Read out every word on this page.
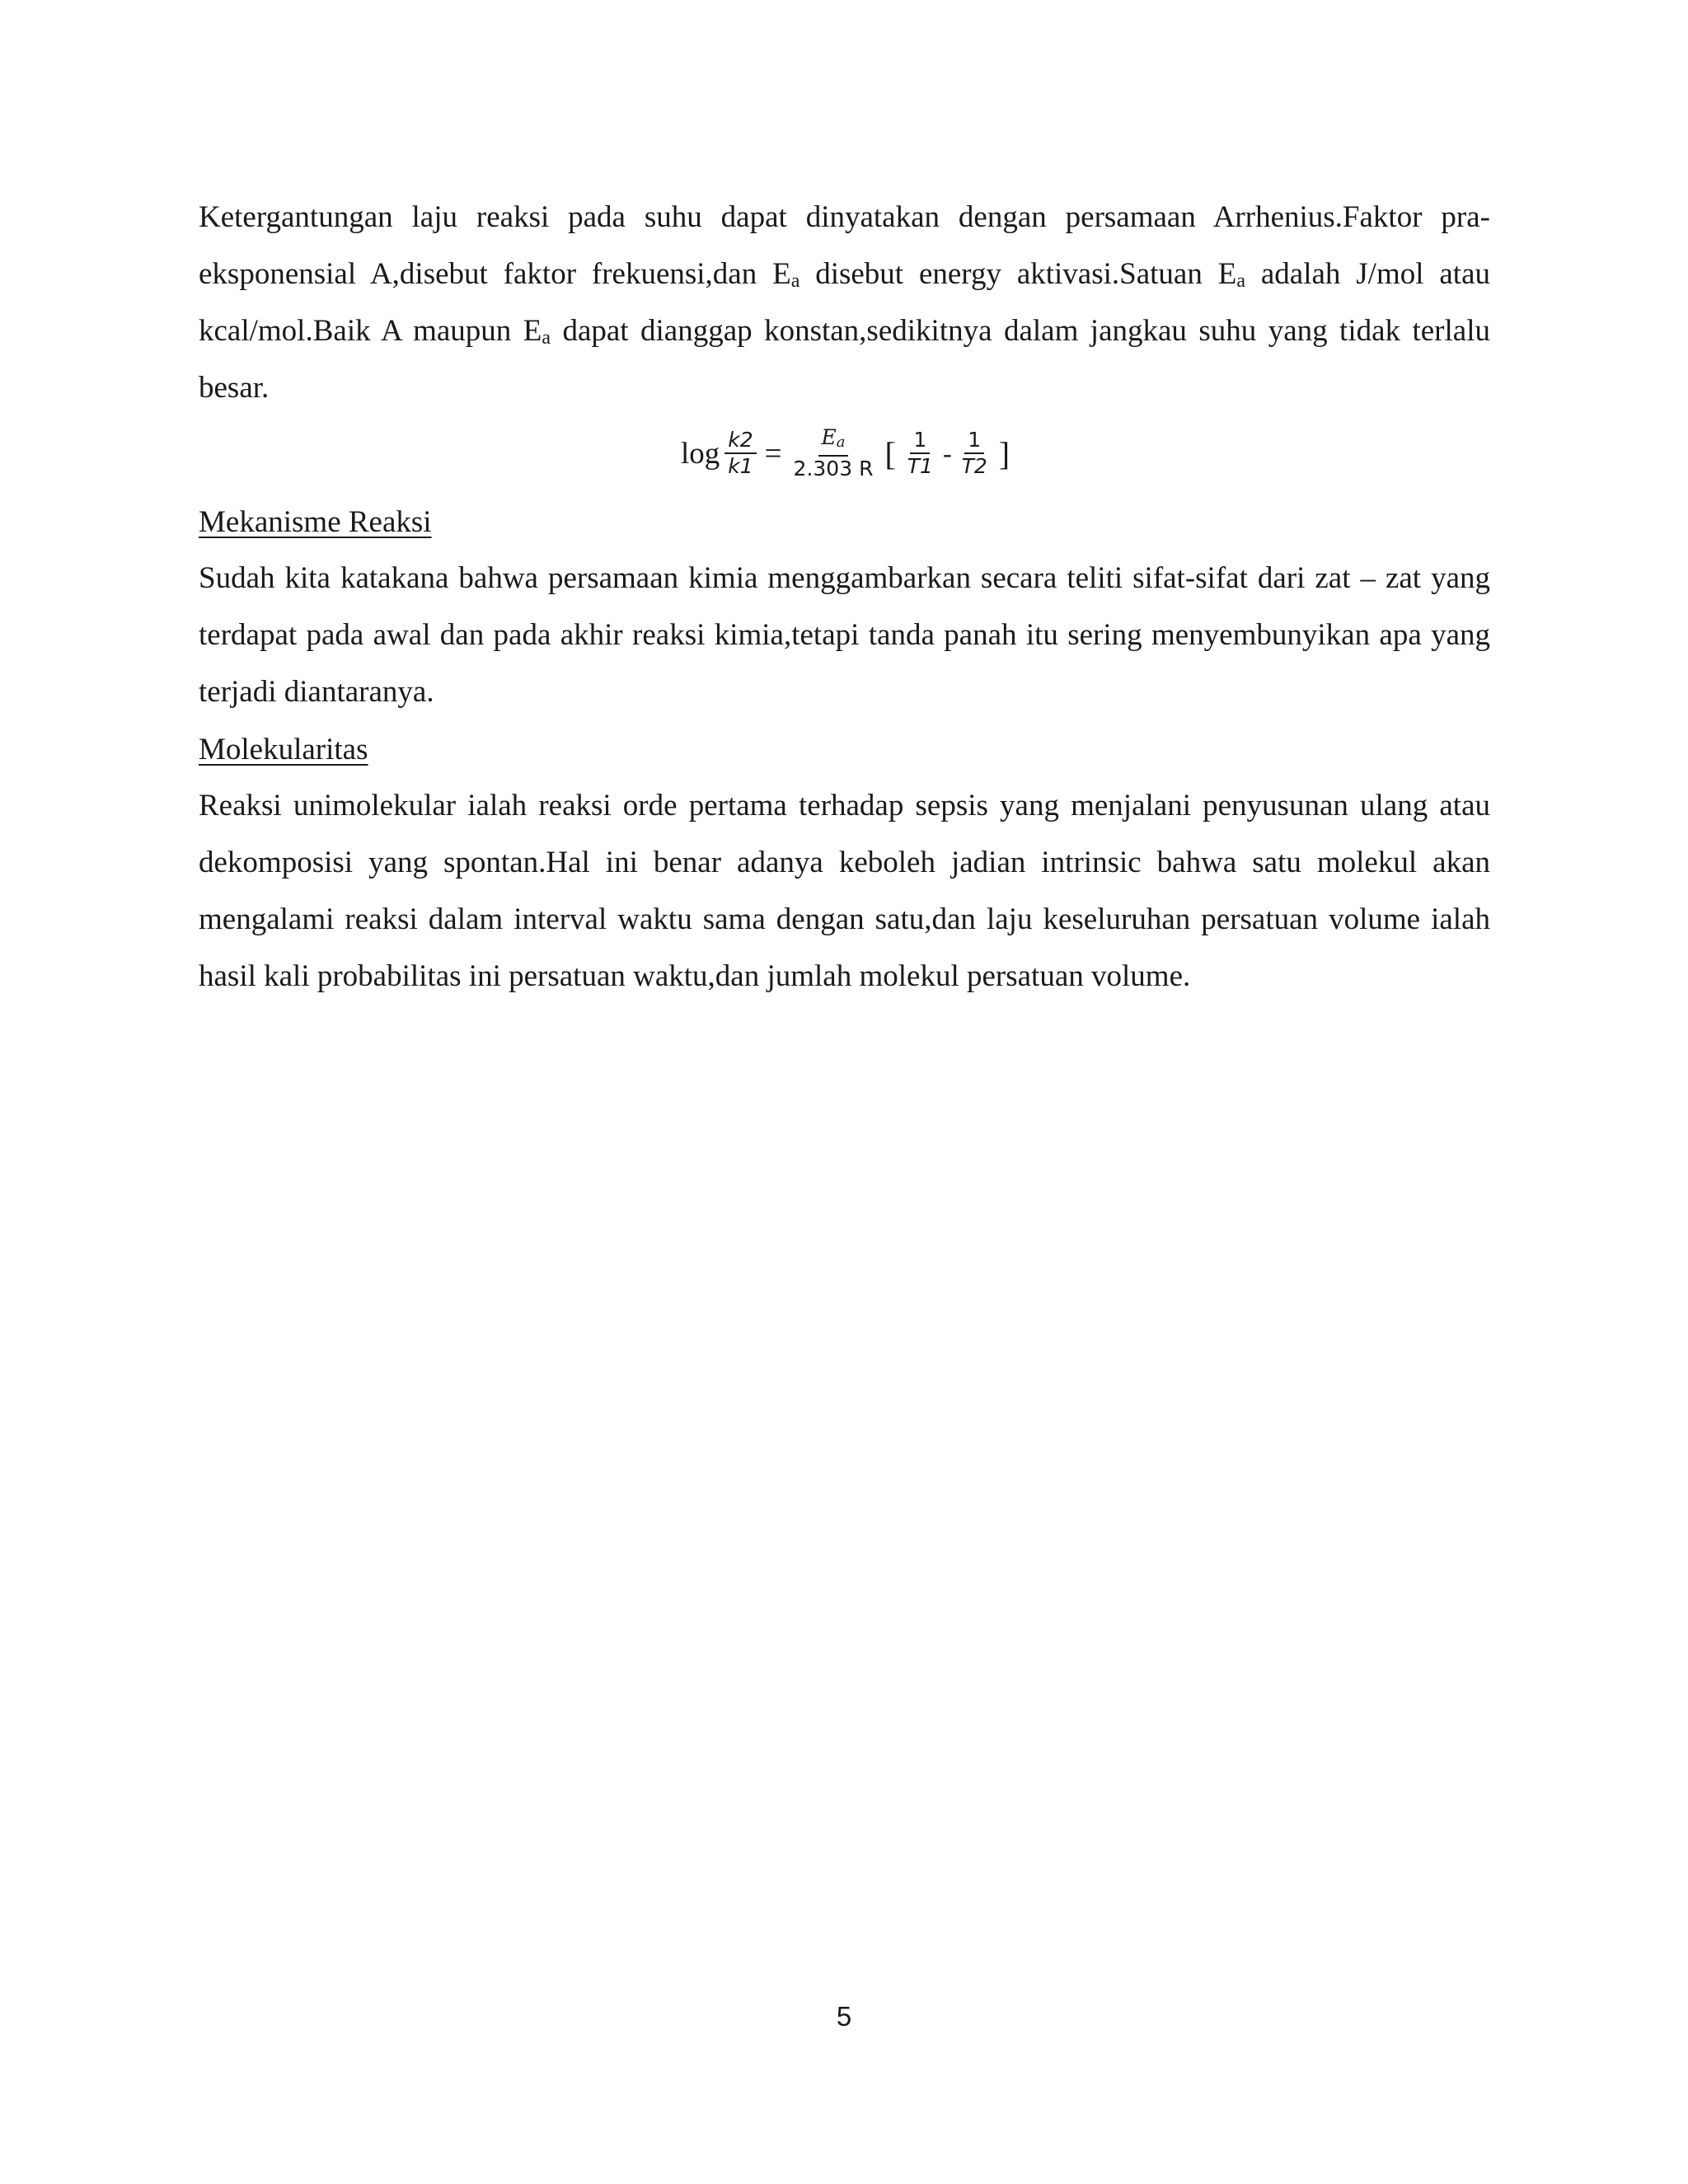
Ketergantungan laju reaksi pada suhu dapat dinyatakan dengan persamaan Arrhenius.Faktor pra-eksponensial A,disebut faktor frekuensi,dan $E_a$ disebut energy aktivasi.Satuan $E_a$ adalah J/mol atau kcal/mol.Baik A maupun $E_a$ dapat dianggap konstan,sedikitnya dalam jangkau suhu yang tidak terlalu besar.

$\log \frac{k2}{k1} = \frac{Ea}{2.303 R}$ [ $\frac{1}{T1} - \frac{1}{T2}$ ]

Mekanisme Reaksi

Sudah kita katakana bahwa persamaan kimia menggambarkan secara teliti sifat-sifat dari zat – zat yang terdapat pada awal dan pada akhir reaksi kimia,tetapi tanda panah itu sering menyembunyikan apa yang terjadi diantaranya.

Molekularitas

Reaksi unimolekular ialah reaksi orde pertama terhadap sepsis yang menjalani penyusunan ulang atau dekomposisi yang spontan.Hal ini benar adanya keboleh jadian intrinsic bahwa satu molekul akan mengalami reaksi dalam interval waktu sama dengan satu,dan laju keseluruhan persatuan volume ialah hasil kali probabilitas ini persatuan waktu,dan jumlah molekul persatuan volume.

5
